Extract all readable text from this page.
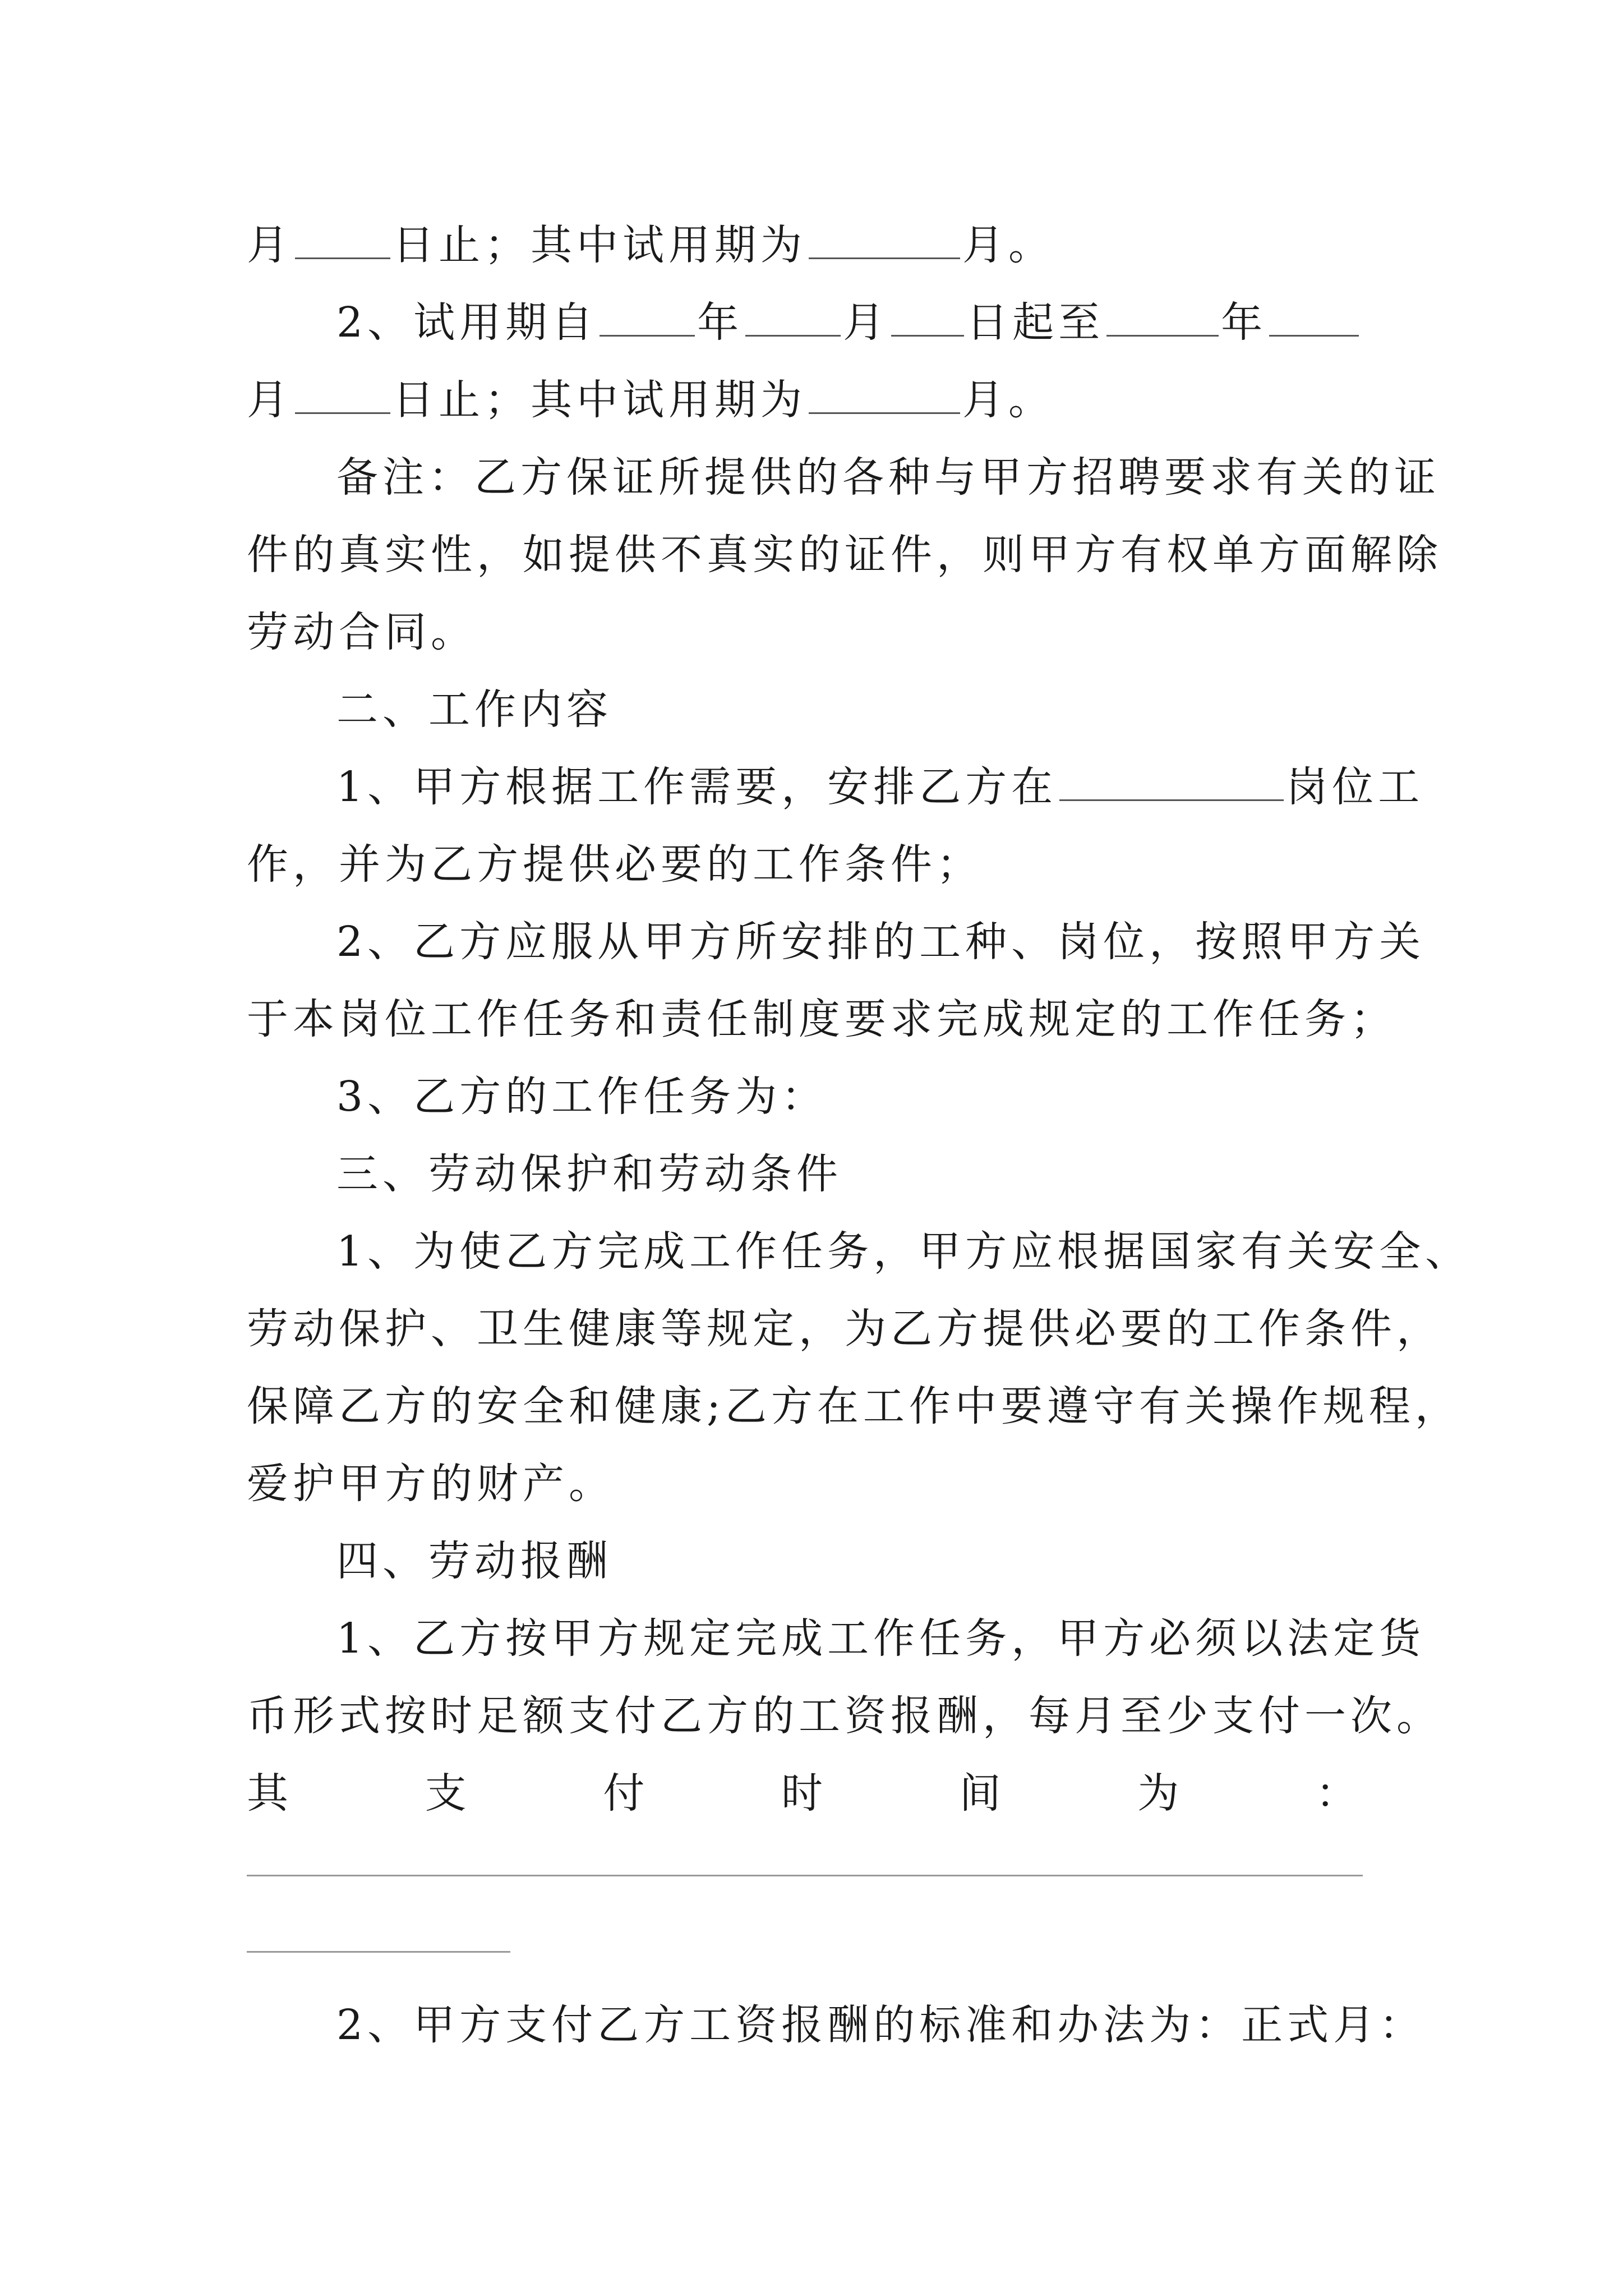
月 日止；其中试用期为	月。
2、试用期自 年 月 日起至	年
月 日止；其中试用期为	月。
备注：乙方保证所提供的各种与甲方招聘要求有关的证
件的真实性，如提供不真实的证件，则甲方有权单方面解除
劳动合同。
二、工作内容
1、甲方根据工作需要，安排乙方在	岗位工
作，并为乙方提供必要的工作条件；
2、乙方应服从甲方所安排的工种、岗位，按照甲方关
于本岗位工作任务和责任制度要求完成规定的工作任务；
3、乙方的工作任务为：
三、劳动保护和劳动条件
1、为使乙方完成工作任务，甲方应根据国家有关安全、
劳动保护、卫生健康等规定，为乙方提供必要的工作条件，
保障乙方的安全和健康;乙方在工作中要遵守有关操作规程，
爱护甲方的财产。
四、劳动报酬
1、乙方按甲方规定完成工作任务，甲方必须以法定货
币形式按时足额支付乙方的工资报酬，每月至少支付一次。
其	支	付	时	间	为	：
2、甲方支付乙方工资报酬的标准和办法为：正式月：
